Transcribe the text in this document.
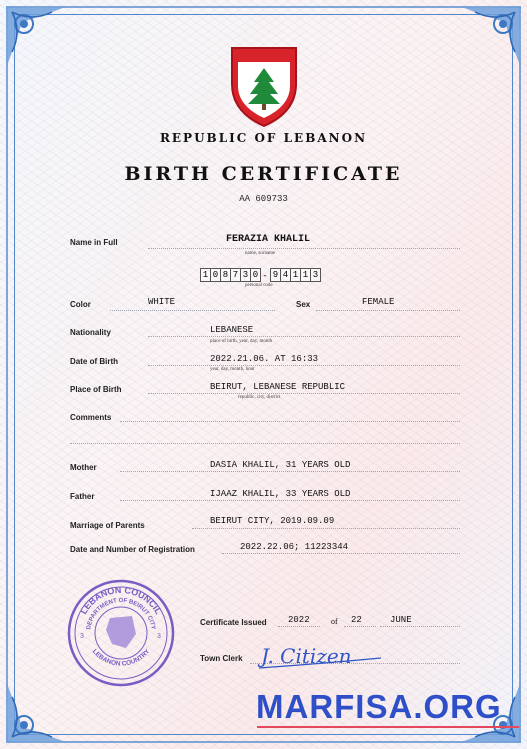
REPUBLIC OF LEBANON
BIRTH CERTIFICATE
AA 609733
Name in Full	FERAZIA KHALIL
name, surname
1 0 8 7 3 0 - 9 4 1 1 3
personal code
Color	WHITE	Sex	FEMALE
Nationality	LEBANESE
place of birth, year, day, month
Date of Birth	2022.21.06. AT 16:33
year, day, month, hour
Place of Birth	BEIRUT, LEBANESE REPUBLIC
republic, city, district
Comments
Mother	DASIA KHALIL, 31 YEARS OLD
Father	IJAAZ KHALIL, 33 YEARS OLD
Marriage of Parents	BEIRUT CITY, 2019.09.09
Date and Number of Registration	2022.22.06; 11223344
LEBANON COUNCIL
DEPARTMENT OF BEIRUT CITY
LEBANON COUNTRY
3	3
Certificate Issued 2022	of 22	JUNE
Town Clerk J. Citizen
MARFISA.ORG
